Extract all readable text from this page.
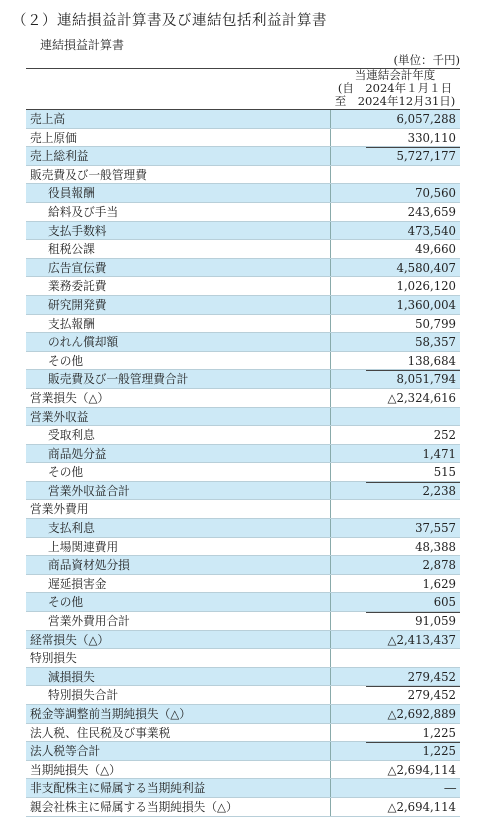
（２）連結損益計算書及び連結包括利益計算書
連結損益計算書
(単位：千円)
当連結会計年度
(自　2024年１月１日
至　2024年12月31日)
売上高	6,057,288
売上原価	330,110
売上総利益	5,727,177
販売費及び一般管理費
役員報酬	70,560
給料及び手当	243,659
支払手数料	473,540
租税公課	49,660
広告宣伝費	4,580,407
業務委託費	1,026,120
研究開発費	1,360,004
支払報酬	50,799
のれん償却額	58,357
その他	138,684
販売費及び一般管理費合計	8,051,794
営業損失（△）	△2,324,616
営業外収益
受取利息	252
商品処分益	1,471
その他	515
営業外収益合計	2,238
営業外費用
支払利息	37,557
上場関連費用	48,388
商品資材処分損	2,878
遅延損害金	1,629
その他	605
営業外費用合計	91,059
経常損失（△）	△2,413,437
特別損失
減損損失	279,452
特別損失合計	279,452
税金等調整前当期純損失（△）	△2,692,889
法人税、住民税及び事業税	1,225
法人税等合計	1,225
当期純損失（△）	△2,694,114
非支配株主に帰属する当期純利益	―
親会社株主に帰属する当期純損失（△）	△2,694,114
